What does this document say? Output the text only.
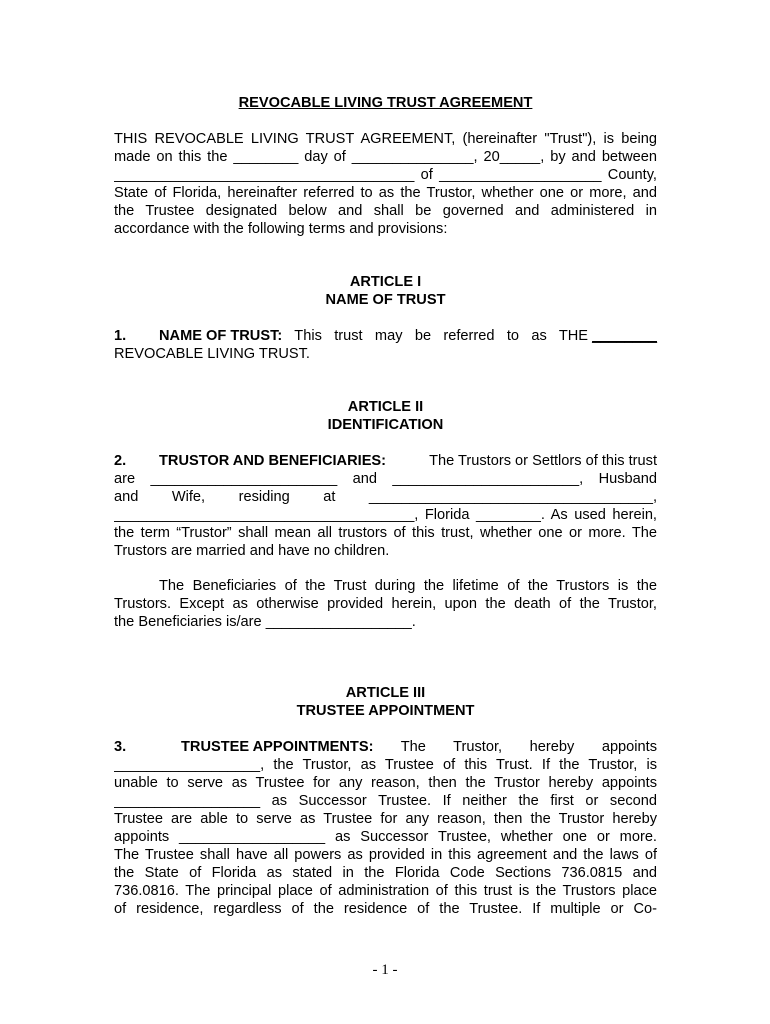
REVOCABLE LIVING TRUST AGREEMENT
THIS REVOCABLE LIVING TRUST AGREEMENT, (hereinafter "Trust"), is being
made on this the ________ day of _______________, 20_____, by and between
_____________________________________ of ____________________ County,
State of Florida, hereinafter referred to as the Trustor, whether one or more, and
the Trustee designated below and shall be governed and administered in
accordance with the following terms and provisions:
ARTICLE I
NAME OF TRUST
1.	NAME OF TRUST: This trust may be referred to as THE ________
REVOCABLE LIVING TRUST.
ARTICLE II
IDENTIFICATION
2.	TRUSTOR AND BENEFICIARIES:	The Trustors or Settlors of this trust
are _______________________ and _______________________, Husband
and Wife, residing at ___________________________________,
_____________________________________, Florida ________. As used herein,
the term “Trustor” shall mean all trustors of this trust, whether one or more. The
Trustors are married and have no children.
The Beneficiaries of the Trust during the lifetime of the Trustors is the
Trustors. Except as otherwise provided herein, upon the death of the Trustor,
the Beneficiaries is/are __________________.
ARTICLE III
TRUSTEE APPOINTMENT
3.	TRUSTEE APPOINTMENTS: The Trustor, hereby appoints
__________________, the Trustor, as Trustee of this Trust. If the Trustor, is
unable to serve as Trustee for any reason, then the Trustor hereby appoints
__________________ as Successor Trustee. If neither the first or second
Trustee are able to serve as Trustee for any reason, then the Trustor hereby
appoints __________________ as Successor Trustee, whether one or more.
The Trustee shall have all powers as provided in this agreement and the laws of
the State of Florida as stated in the Florida Code Sections 736.0815 and
736.0816. The principal place of administration of this trust is the Trustors place
of residence, regardless of the residence of the Trustee. If multiple or Co-
- 1 -
